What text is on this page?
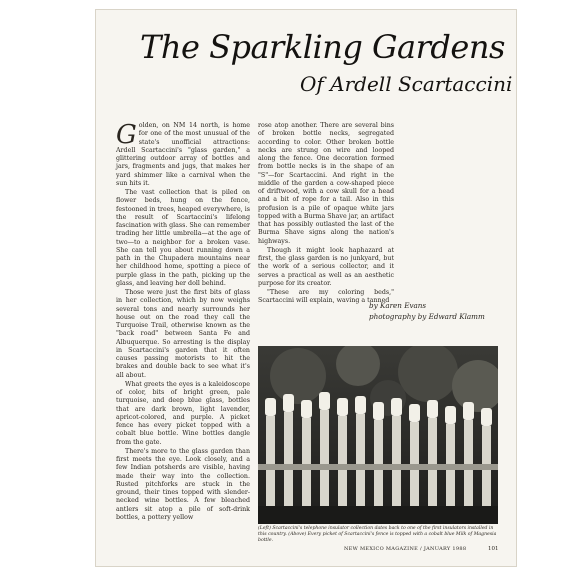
The Sparkling Gardens
Of Ardell Scartaccini

Golden, on NM 14 north, is home for one of the most unusual of the state's unofficial attractions: Ardell Scartaccini's "glass garden," a glittering outdoor array of bottles and jars, fragments and jugs, that makes her yard shimmer like a carnival when the sun hits it.

The vast collection that is piled on flower beds, hung on the fence, festooned in trees, heaped everywhere, is the result of Scartaccini's lifelong fascination with glass. She can remember trading her little umbrella—at the age of two—to a neighbor for a broken vase. She can tell you about running down a path in the Chupadera mountains near her childhood home, spotting a piece of purple glass in the path, picking up the glass, and leaving her doll behind.

Those were just the first bits of glass in her collection, which by now weighs several tons and nearly surrounds her house out on the road they call the Turquoise Trail, otherwise known as the "back road" between Santa Fe and Albuquerque. So arresting is the display in Scartaccini's garden that it often causes passing motorists to hit the brakes and double back to see what it's all about.

What greets the eyes is a kaleidoscope of color, bits of bright green, pale turquoise, and deep blue glass, bottles that are dark brown, light lavender, apricot-colored, and purple. A picket fence has every picket topped with a cobalt blue bottle. Wine bottles dangle from the gate.

There's more to the glass garden than first meets the eye. Look closely, and a few Indian potsherds are visible, having made their way into the collection. Rusted pitchforks are stuck in the ground, their tines topped with slender-necked wine bottles. A few bleached antlers sit atop a pile of soft-drink bottles, a pottery yellow

rose atop another. There are several bins of broken bottle necks, segregated according to color. Other broken bottle necks are strung on wire and looped along the fence. One decoration formed from bottle necks is in the shape of an "S"—for Scartaccini. And right in the middle of the garden a cow-shaped piece of driftwood, with a cow skull for a head and a bit of rope for a tail. Also in this profusion is a pile of opaque white jars topped with a Burma Shave jar, an artifact that has possibly outlasted the last of the Burma Shave signs along the nation's highways.

Though it might look haphazard at first, the glass garden is no junkyard, but the work of a serious collector, and it serves a practical as well as an aesthetic purpose for its creator.

"These are my coloring beds," Scartaccini will explain, waving a tanned

by Karen Evans
photography by Edward Klamm
(Left) Scartaccini's telephone insulator collection dates back to one of the first insulators installed in this country. (Above) Every picket of Scartaccini's fence is topped with a cobalt blue Milk of Magnesia bottle.
NEW MEXICO MAGAZINE / JANUARY 1988	101
